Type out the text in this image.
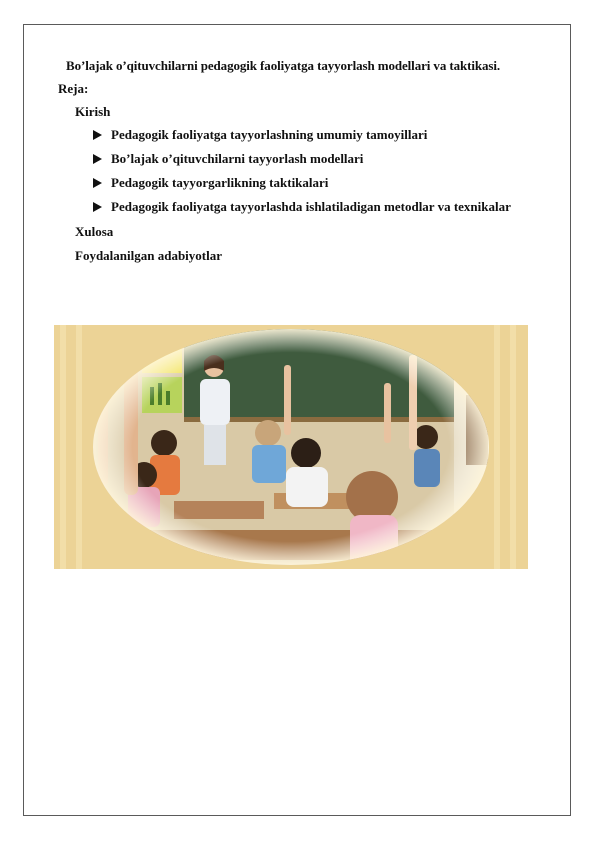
Bo’lajak o’qituvchilarni pedagogik faoliyatga tayyorlash modellari va taktikasi.
Reja:
Kirish
Pedagogik faoliyatga tayyorlashning umumiy tamoyillari
Bo’lajak o’qituvchilarni tayyorlash modellari
Pedagogik tayyorgarlikning taktikalari
Pedagogik faoliyatga tayyorlashda ishlatiladigan metodlar va texnikalar
Xulosa
Foydalanilgan adabiyotlar
